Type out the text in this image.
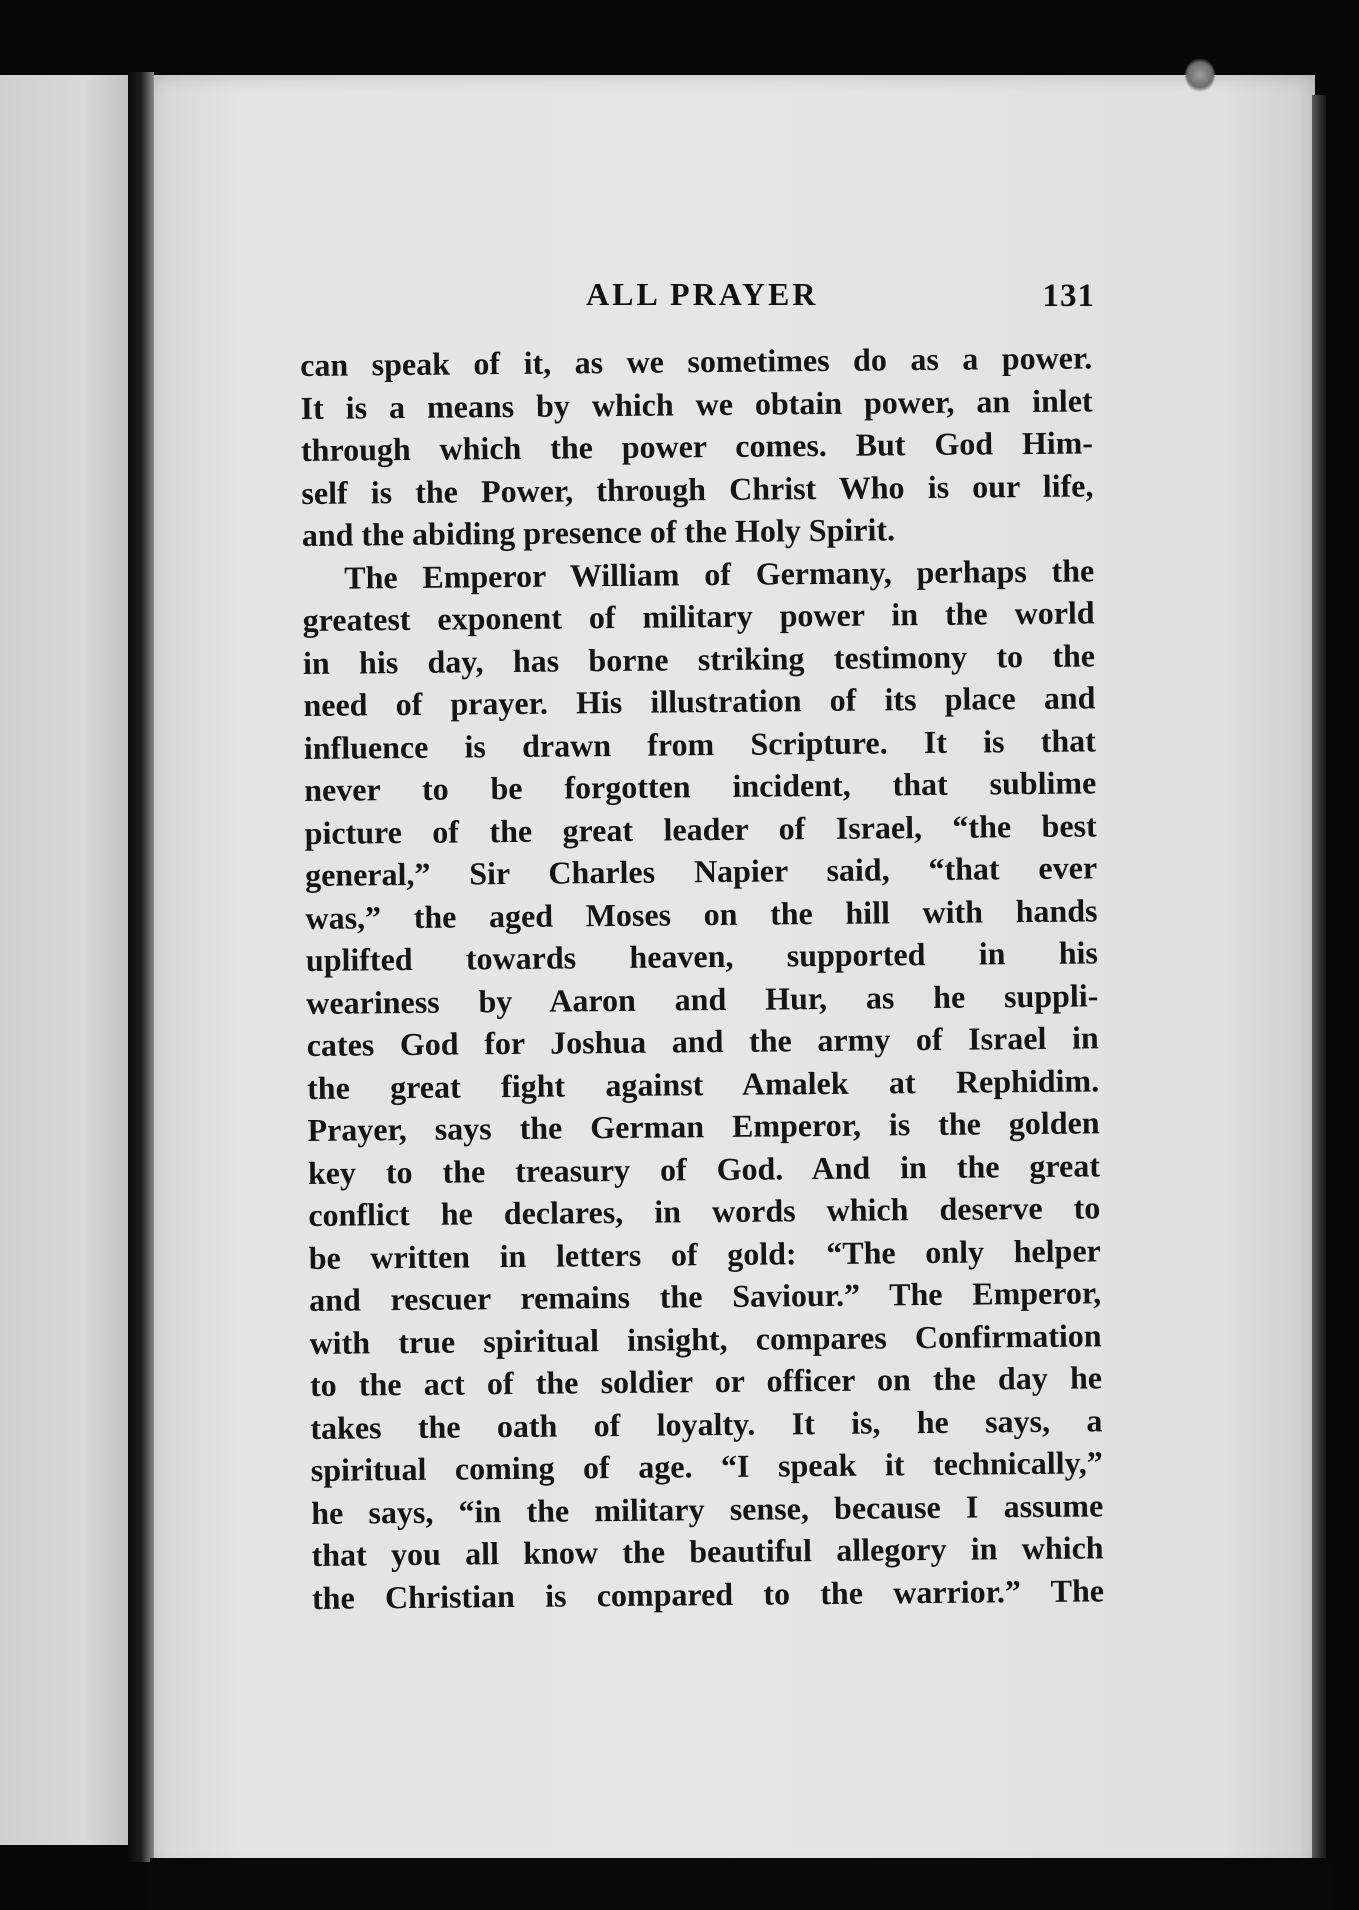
ALL PRAYER	131
can speak of it, as we sometimes do as a power.
It is a means by which we obtain power, an inlet
through which the power comes. But God Him-
self is the Power, through Christ Who is our life,
and the abiding presence of the Holy Spirit.
The Emperor William of Germany, perhaps the
greatest exponent of military power in the world
in his day, has borne striking testimony to the
need of prayer. His illustration of its place and
influence is drawn from Scripture. It is that
never to be forgotten incident, that sublime
picture of the great leader of Israel, “the best
general,” Sir Charles Napier said, “that ever
was,” the aged Moses on the hill with hands
uplifted towards heaven, supported in his
weariness by Aaron and Hur, as he suppli-
cates God for Joshua and the army of Israel in
the great fight against Amalek at Rephidim.
Prayer, says the German Emperor, is the golden
key to the treasury of God. And in the great
conflict he declares, in words which deserve to
be written in letters of gold: “The only helper
and rescuer remains the Saviour.” The Emperor,
with true spiritual insight, compares Confirmation
to the act of the soldier or officer on the day he
takes the oath of loyalty. It is, he says, a
spiritual coming of age. “I speak it technically,”
he says, “in the military sense, because I assume
that you all know the beautiful allegory in which
the Christian is compared to the warrior.” The
